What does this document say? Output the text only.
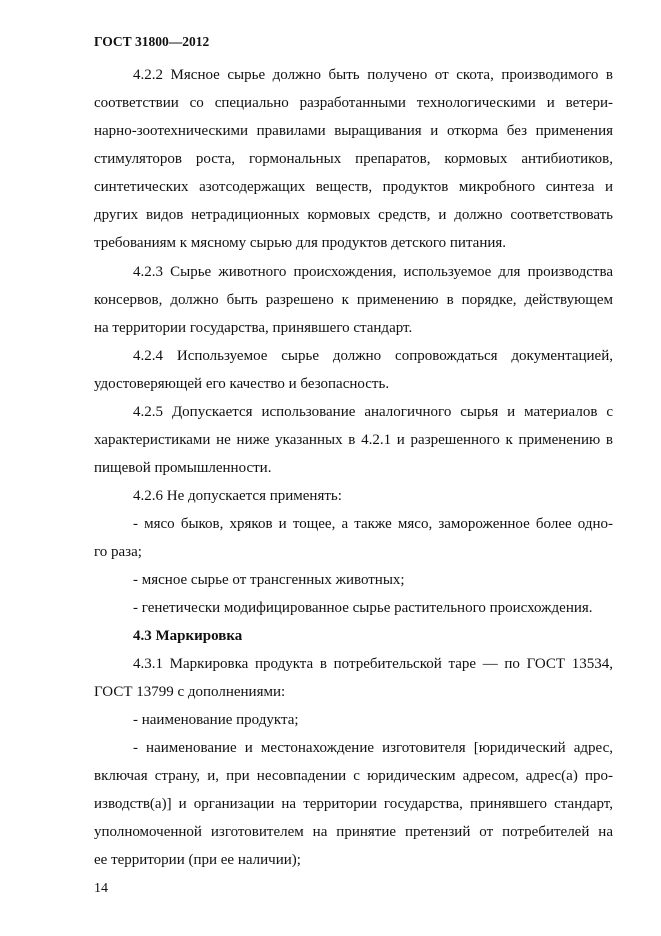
ГОСТ 31800—2012
4.2.2 Мясное сырье должно быть получено от скота, производимого в
соответствии со специально разработанными технологическими и ветери-
нарно-зоотехническими правилами выращивания и откорма без применения
стимуляторов роста, гормональных препаратов, кормовых антибиотиков,
синтетических азотсодержащих веществ, продуктов микробного синтеза и
других видов нетрадиционных кормовых средств, и должно соответствовать
требованиям к мясному сырью для продуктов детского питания.
4.2.3 Сырье животного происхождения, используемое для производства
консервов, должно быть разрешено к применению в порядке, действующем
на территории государства, принявшего стандарт.
4.2.4 Используемое сырье должно сопровождаться документацией,
удостоверяющей его качество и безопасность.
4.2.5 Допускается использование аналогичного сырья и материалов с
характеристиками не ниже указанных в 4.2.1 и разрешенного к применению в
пищевой промышленности.
4.2.6 Не допускается применять:
- мясо быков, хряков и тощее, а также мясо, замороженное более одно-
го раза;
- мясное сырье от трансгенных животных;
- генетически модифицированное сырье растительного происхождения.
4.3 Маркировка
4.3.1 Маркировка продукта в потребительской таре — по ГОСТ 13534,
ГОСТ 13799 с дополнениями:
- наименование продукта;
- наименование и местонахождение изготовителя [юридический адрес,
включая страну, и, при несовпадении с юридическим адресом, адрес(а) про-
изводств(а)] и организации на территории государства, принявшего стандарт,
уполномоченной изготовителем на принятие претензий от потребителей на
ее территории (при ее наличии);
14
